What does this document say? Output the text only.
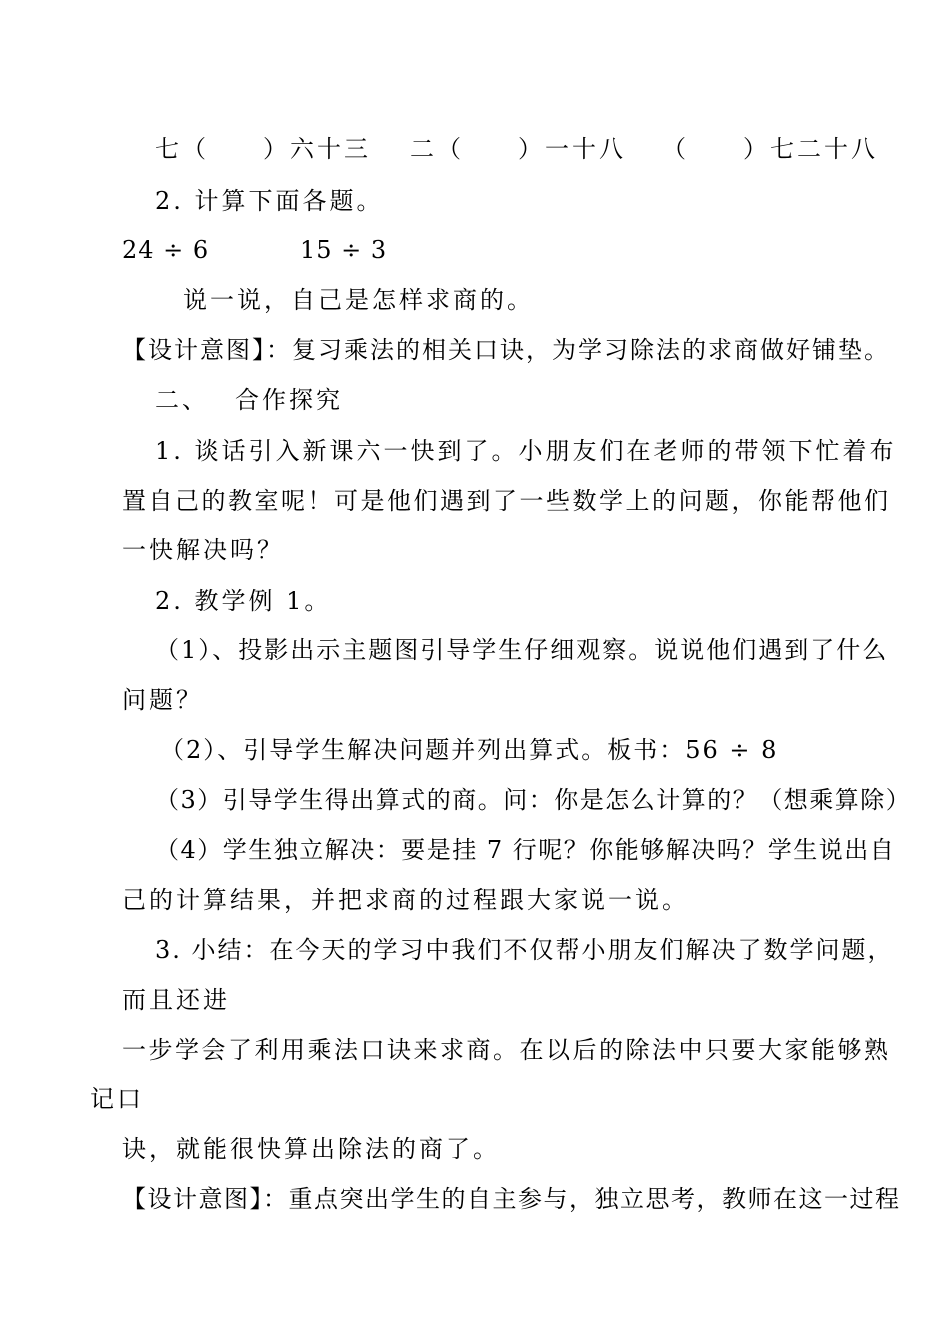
七（　　）六十三 二（　　）一十八 （　　）七二十八
2. 计算下面各题。
24 ÷ 6	15 ÷ 3
说一说，自己是怎样求商的。
【设计意图】：复习乘法的相关口诀，为学习除法的求商做好铺垫。
二、 合作探究
1. 谈话引入新课六一快到了。小朋友们在老师的带领下忙着布
置自己的教室呢！可是他们遇到了一些数学上的问题，你能帮他们
一快解决吗？
2. 教学例 1。
（1）、投影出示主题图引导学生仔细观察。说说他们遇到了什么
问题？
（2）、引导学生解决问题并列出算式。板书：56 ÷ 8
（3）引导学生得出算式的商。问：你是怎么计算的？（想乘算除）
（4）学生独立解决：要是挂 7 行呢？你能够解决吗？学生说出自
己的计算结果，并把求商的过程跟大家说一说。
3. 小结：在今天的学习中我们不仅帮小朋友们解决了数学问题，
而且还进
一步学会了利用乘法口诀来求商。在以后的除法中只要大家能够熟
记口
诀，就能很快算出除法的商了。
【设计意图】：重点突出学生的自主参与，独立思考，教师在这一过程
